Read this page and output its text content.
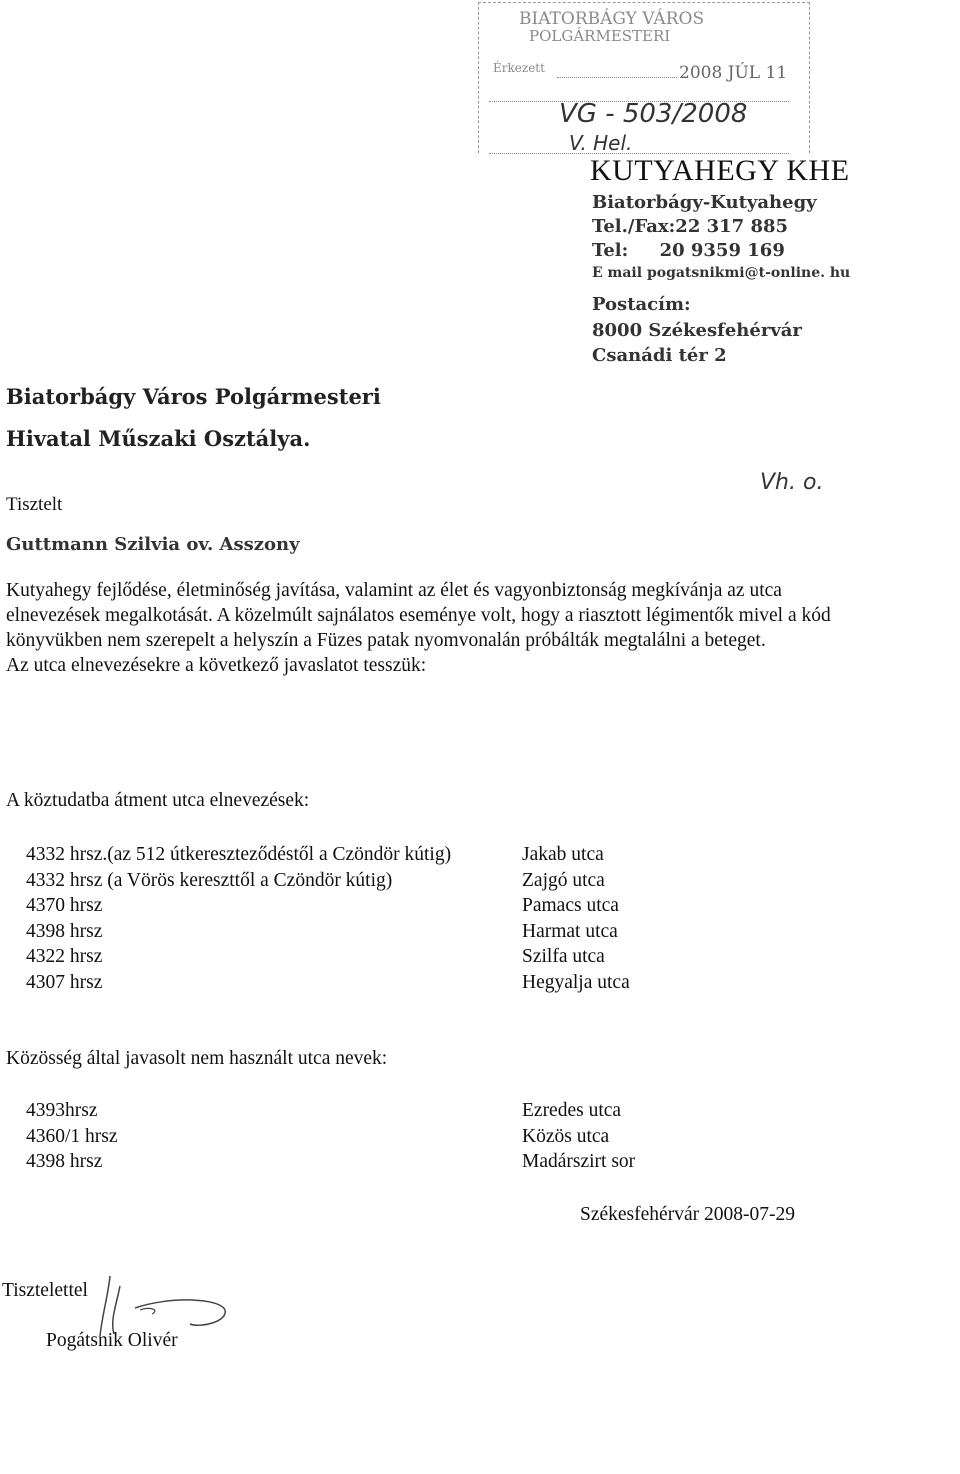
BIATORBÁGY VÁROS
POLGÁRMESTERI
Érkezett	2008 JÚL 11
VG - 503/2008
V. Hel.
KUTYAHEGY KHE
Biatorbágy-Kutyahegy
Tel./Fax:22 317 885
Tel:     20 9359 169
E mail pogatsnikmi@t-online. hu
Postacím:
8000 Székesfehérvár
Csanádi tér 2
Biatorbágy Város Polgármesteri
Hivatal Műszaki Osztálya.
Vh. o.
Tisztelt
Guttmann Szilvia ov. Asszony

Kutyahegy fejlődése, életminőség javítása, valamint az élet és vagyonbiztonság megkívánja az utca elnevezések megalkotását. A közelmúlt sajnálatos eseménye volt, hogy a riasztott légimentők mivel a kód könyvükben nem szerepelt a helyszín a Füzes patak nyomvonalán próbálták megtalálni a beteget.

Az utca elnevezésekre a következő javaslatot tesszük:

A köztudatba átment utca elnevezések:
4332 hrsz.(az 512 útkereszteződéstől a Czöndör kútig)
4332 hrsz (a Vörös kereszttől a Czöndör kútig)
4370 hrsz
4398 hrsz
4322 hrsz
4307 hrsz
Jakab utca
Zajgó utca
Pamacs utca
Harmat utca
Szilfa utca
Hegyalja utca
Közösség által javasolt nem használt utca nevek:
4393hrsz
4360/1 hrsz
4398 hrsz
Ezredes utca
Közös utca
Madárszirt sor
Székesfehérvár 2008-07-29
Tisztelettel
Pogátsnik Olivér
